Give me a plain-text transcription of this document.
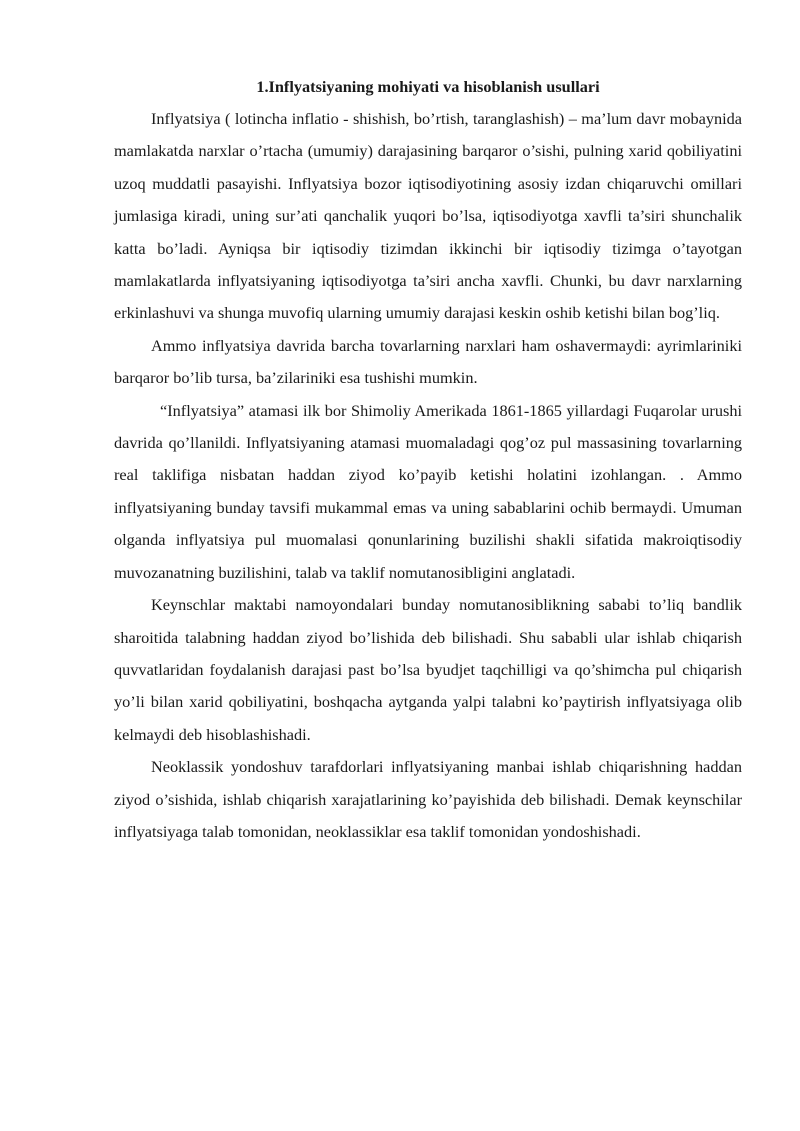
1.Inflyatsiyaning mohiyati va hisoblanish usullari

Inflyatsiya ( lotincha inflatio - shishish, bo’rtish, taranglashish) – ma’lum davr mobaynida mamlakatda narxlar o’rtacha (umumiy) darajasining barqaror o’sishi, pulning xarid qobiliyatini uzoq muddatli pasayishi. Inflyatsiya bozor iqtisodiyotining asosiy izdan chiqaruvchi omillari jumlasiga kiradi, uning sur’ati qanchalik yuqori bo’lsa, iqtisodiyotga xavfli ta’siri shunchalik katta bo’ladi. Ayniqsa bir iqtisodiy tizimdan ikkinchi bir iqtisodiy tizimga o’tayotgan mamlakatlarda inflyatsiyaning iqtisodiyotga ta’siri ancha xavfli. Chunki, bu davr narxlarning erkinlashuvi va shunga muvofiq ularning umumiy darajasi keskin oshib ketishi bilan bog’liq.

Ammo inflyatsiya davrida barcha tovarlarning narxlari ham oshavermaydi: ayrimlariniki barqaror bo’lib tursa, ba’zilariniki esa tushishi mumkin.

“Inflyatsiya” atamasi ilk bor Shimoliy Amerikada 1861-1865 yillardagi Fuqarolar urushi davrida qo’llanildi. Inflyatsiyaning atamasi muomaladagi qog’oz pul massasining tovarlarning real taklifiga nisbatan haddan ziyod ko’payib ketishi holatini izohlangan. . Ammo inflyatsiyaning bunday tavsifi mukammal emas va uning sabablarini ochib bermaydi. Umuman olganda inflyatsiya pul muomalasi qonunlarining buzilishi shakli sifatida makroiqtisodiy muvozanatning buzilishini, talab va taklif nomutanosibligini anglatadi.

Keynschlar maktabi namoyondalari bunday nomutanosiblikning sababi to’liq bandlik sharoitida talabning haddan ziyod bo’lishida deb bilishadi. Shu sababli ular ishlab chiqarish quvvatlaridan foydalanish darajasi past bo’lsa byudjet taqchilligi va qo’shimcha pul chiqarish yo’li bilan xarid qobiliyatini, boshqacha aytganda yalpi talabni ko’paytirish inflyatsiyaga olib kelmaydi deb hisoblashishadi.

Neoklassik yondoshuv tarafdorlari inflyatsiyaning manbai ishlab chiqarishning haddan ziyod o’sishida, ishlab chiqarish xarajatlarining ko’payishida deb bilishadi. Demak keynschilar inflyatsiyaga talab tomonidan, neoklassiklar esa taklif tomonidan yondoshishadi.
